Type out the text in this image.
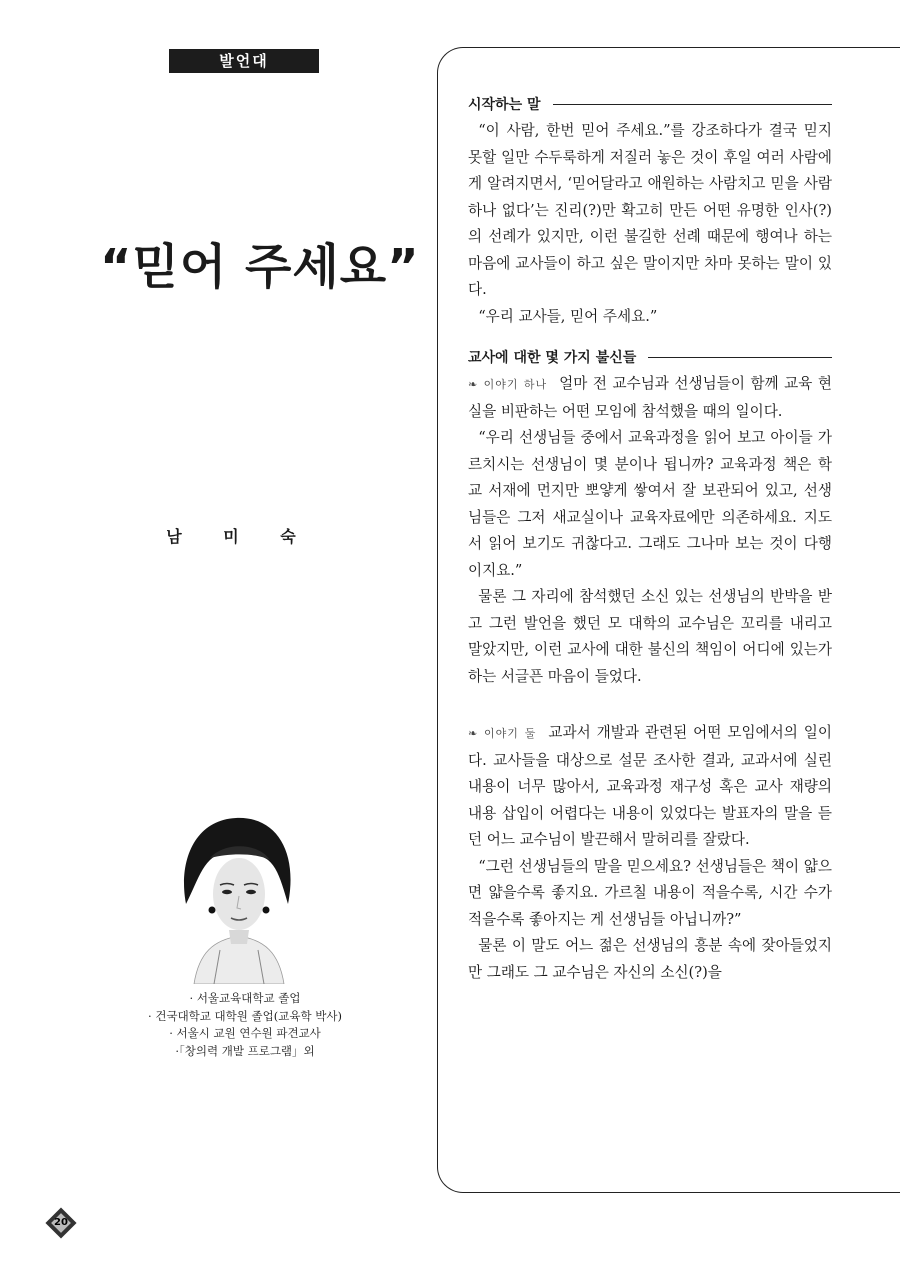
발언대
“믿어 주세요”
남 미 숙
· 서울교육대학교 졸업
· 건국대학교 대학원 졸업(교육학 박사)
· 서울시 교원 연수원 파견교사
·「창의력 개발 프로그램」외
시작하는 말

“이 사람, 한번 믿어 주세요.”를 강조하다가 결국 믿지 못할 일만 수두룩하게 저질러 놓은 것이 후일 여러 사람에게 알려지면서, ‘믿어달라고 애원하는 사람치고 믿을 사람 하나 없다’는 진리(?)만 확고히 만든 어떤 유명한 인사(?)의 선례가 있지만, 이런 불길한 선례 때문에 행여나 하는 마음에 교사들이 하고 싶은 말이지만 차마 못하는 말이 있다.

“우리 교사들, 믿어 주세요.”

교사에 대한 몇 가지 불신들

❧ 이야기 하나 얼마 전 교수님과 선생님들이 함께 교육 현실을 비판하는 어떤 모임에 참석했을 때의 일이다.

“우리 선생님들 중에서 교육과정을 읽어 보고 아이들 가르치시는 선생님이 몇 분이나 됩니까? 교육과정 책은 학교 서재에 먼지만 뽀얗게 쌓여서 잘 보관되어 있고, 선생님들은 그저 새교실이나 교육자료에만 의존하세요. 지도서 읽어 보기도 귀찮다고. 그래도 그나마 보는 것이 다행이지요.”

물론 그 자리에 참석했던 소신 있는 선생님의 반박을 받고 그런 발언을 했던 모 대학의 교수님은 꼬리를 내리고 말았지만, 이런 교사에 대한 불신의 책임이 어디에 있는가 하는 서글픈 마음이 들었다.

❧ 이야기 둘 교과서 개발과 관련된 어떤 모임에서의 일이다. 교사들을 대상으로 설문 조사한 결과, 교과서에 실린 내용이 너무 많아서, 교육과정 재구성 혹은 교사 재량의 내용 삽입이 어렵다는 내용이 있었다는 발표자의 말을 듣던 어느 교수님이 발끈해서 말허리를 잘랐다.

“그런 선생님들의 말을 믿으세요? 선생님들은 책이 얇으면 얇을수록 좋지요. 가르칠 내용이 적을수록, 시간 수가 적을수록 좋아지는 게 선생님들 아닙니까?”

물론 이 말도 어느 젊은 선생님의 흥분 속에 잦아들었지만 그래도 그 교수님은 자신의 소신(?)을

20
